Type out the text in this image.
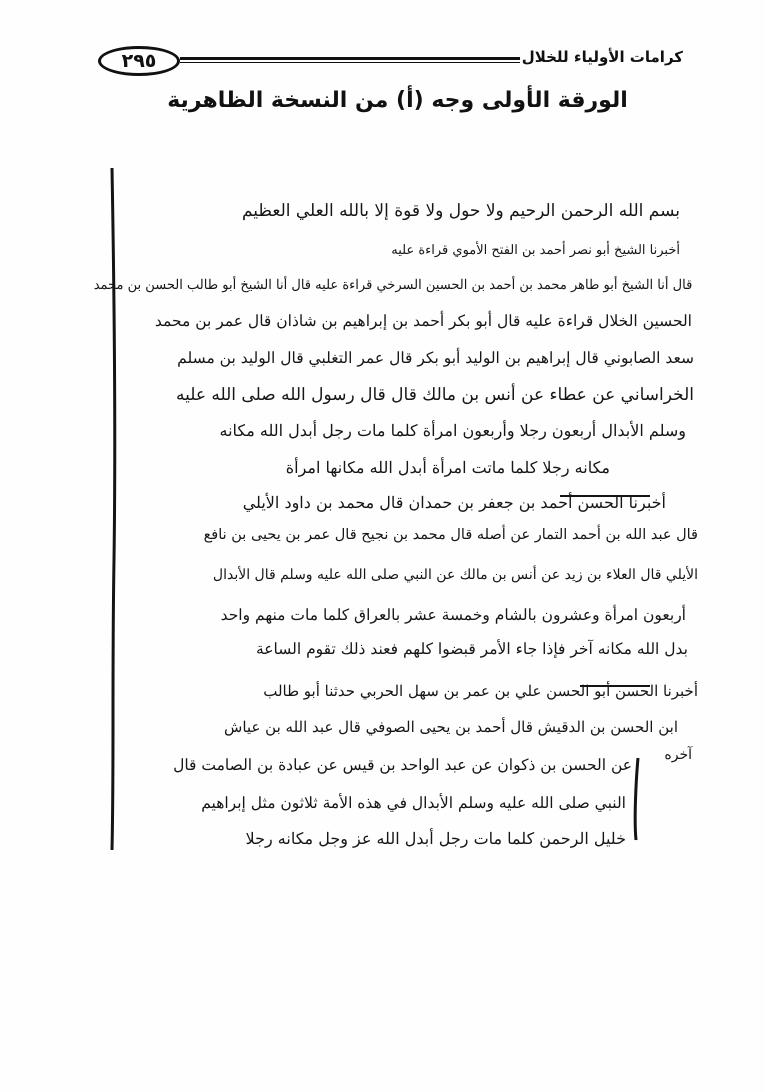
٢٩٥	كرامات الأولياء للخلال
الورقة الأولى وجه (أ) من النسخة الظاهرية
بسم الله الرحمن الرحيم ولا حول ولا قوة إلا بالله العلي العظيم
أخبرنا الشيخ أبو نصر أحمد بن الفتح الأموي قراءة عليه
قال أنا الشيخ أبو طاهر محمد بن أحمد بن الحسين السرخي قراءة عليه قال أنا الشيخ أبو طالب الحسن بن محمد
الحسين الخلال قراءة عليه قال أبو بكر أحمد بن إبراهيم بن شاذان قال عمر بن محمد
سعد الصابوني قال إبراهيم بن الوليد أبو بكر قال عمر التغلبي قال الوليد بن مسلم
الخراساني عن عطاء عن أنس بن مالك قال قال رسول الله صلى الله عليه
وسلم الأبدال أربعون رجلا وأربعون امرأة كلما مات رجل أبدل الله مكانه
مكانه رجلا كلما ماتت امرأة أبدل الله مكانها امرأة
أخبرنا الحسن أحمد بن جعفر بن حمدان قال محمد بن داود الأيلي
قال عبد الله بن أحمد التمار عن أصله قال محمد بن نجيح قال عمر بن يحيى بن نافع
الأيلي قال العلاء بن زيد عن أنس بن مالك عن النبي صلى الله عليه وسلم قال الأبدال
أربعون امرأة وعشرون بالشام وخمسة عشر بالعراق كلما مات منهم واحد
بدل الله مكانه آخر فإذا جاء الأمر قبضوا كلهم فعند ذلك تقوم الساعة
أخبرنا الحسن أبو الحسن علي بن عمر بن سهل الحربي حدثنا أبو طالب
ابن الحسن بن الدقيش قال أحمد بن يحيى الصوفي قال عبد الله بن عياش
عن الحسن بن ذكوان عن عبد الواحد بن قيس عن عبادة بن الصامت قال
النبي صلى الله عليه وسلم الأبدال في هذه الأمة ثلاثون مثل إبراهيم
خليل الرحمن كلما مات رجل أبدل الله عز وجل مكانه رجلا
آخره
